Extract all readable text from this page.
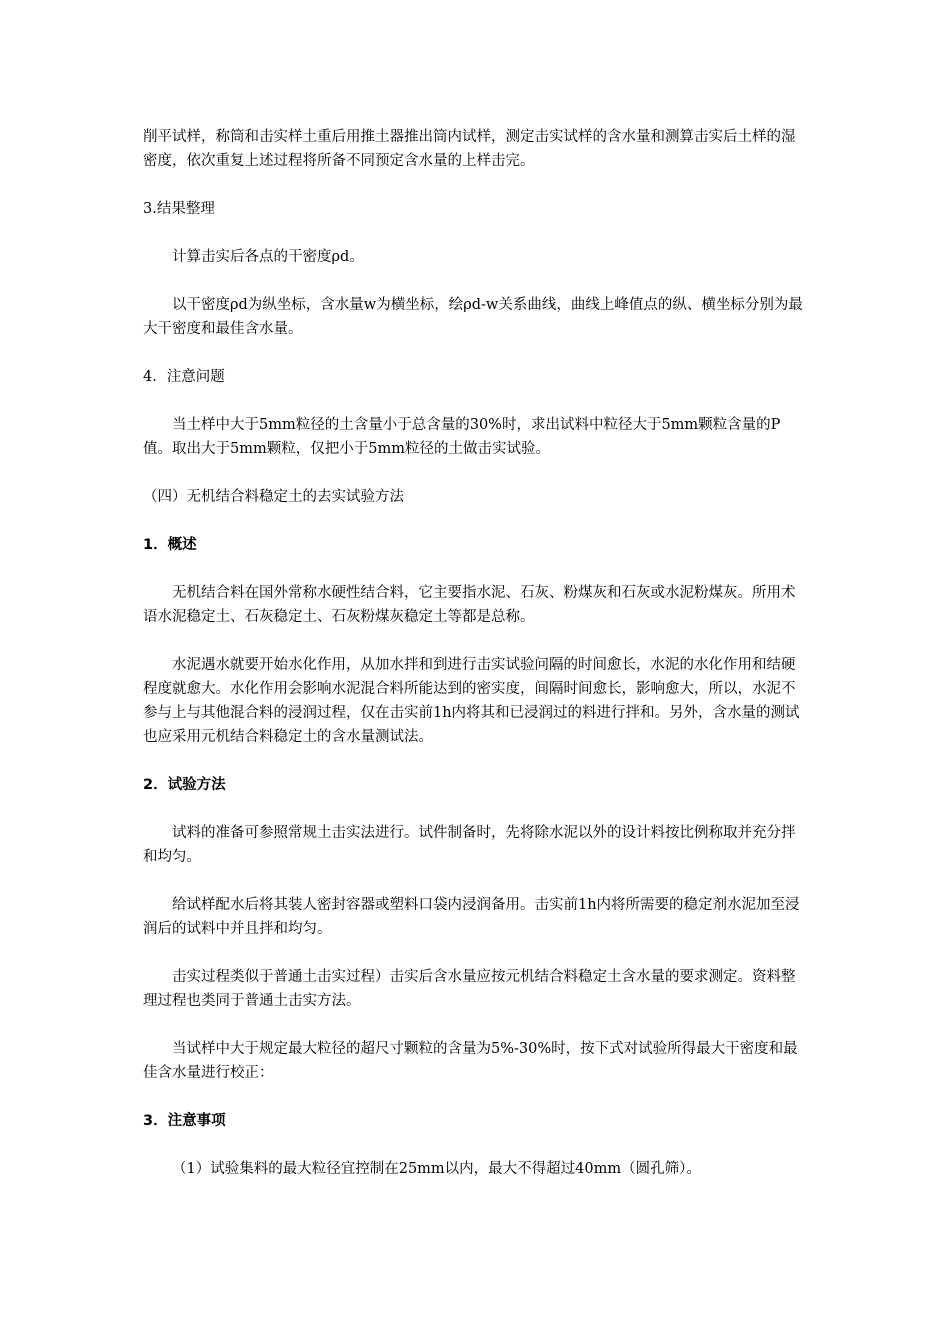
削平试样，称筒和击实样土重后用推土器推出筒内试样，测定击实试样的含水量和测算击实后土样的湿密度，依次重复上述过程将所备不同预定含水量的上样击完。

3.结果整理

计算击实后各点的干密度ρd。

以干密度ρd为纵坐标，含水量w为横坐标，绘ρd-w关系曲线，曲线上峰值点的纵、横坐标分别为最大干密度和最佳含水量。

4．注意问题

当土样中大于5mm粒径的土含量小于总含量的30%时，求出试料中粒径大于5mm颗粒含量的P值。取出大于5mm颗粒，仅把小于5mm粒径的土做击实试验。

（四）无机结合料稳定土的去实试验方法

1．概述

无机结合料在国外常称水硬性结合料，它主要指水泥、石灰、粉煤灰和石灰或水泥粉煤灰。所用术语水泥稳定土、石灰稳定土、石灰粉煤灰稳定土等都是总称。

水泥遇水就要开始水化作用，从加水拌和到进行击实试验问隔的时间愈长，水泥的水化作用和结硬程度就愈大。水化作用会影响水泥混合料所能达到的密实度，间隔时间愈长，影响愈大，所以，水泥不参与上与其他混合料的浸润过程，仅在击实前1h内将其和已浸润过的料进行拌和。另外，含水量的测试也应采用元机结合料稳定土的含水量测试法。

2．试验方法

试料的准备可参照常规土击实法进行。试件制备时，先将除水泥以外的设计料按比例称取并充分拌和均匀。

给试样配水后将其装人密封容器或塑料口袋内浸润备用。击实前1h内将所需要的稳定剂水泥加至浸润后的试料中并且拌和均匀。

击实过程类似于普通土击实过程）击实后含水量应按元机结合料稳定土含水量的要求测定。资料整理过程也类同于普通土击实方法。

当试样中大于规定最大粒径的超尺寸颗粒的含量为5%-30%时，按下式对试验所得最大干密度和最佳含水量进行校正：

3．注意事项

（1）试验集料的最大粒径宜控制在25mm以内，最大不得超过40mm（圆孔筛）。
